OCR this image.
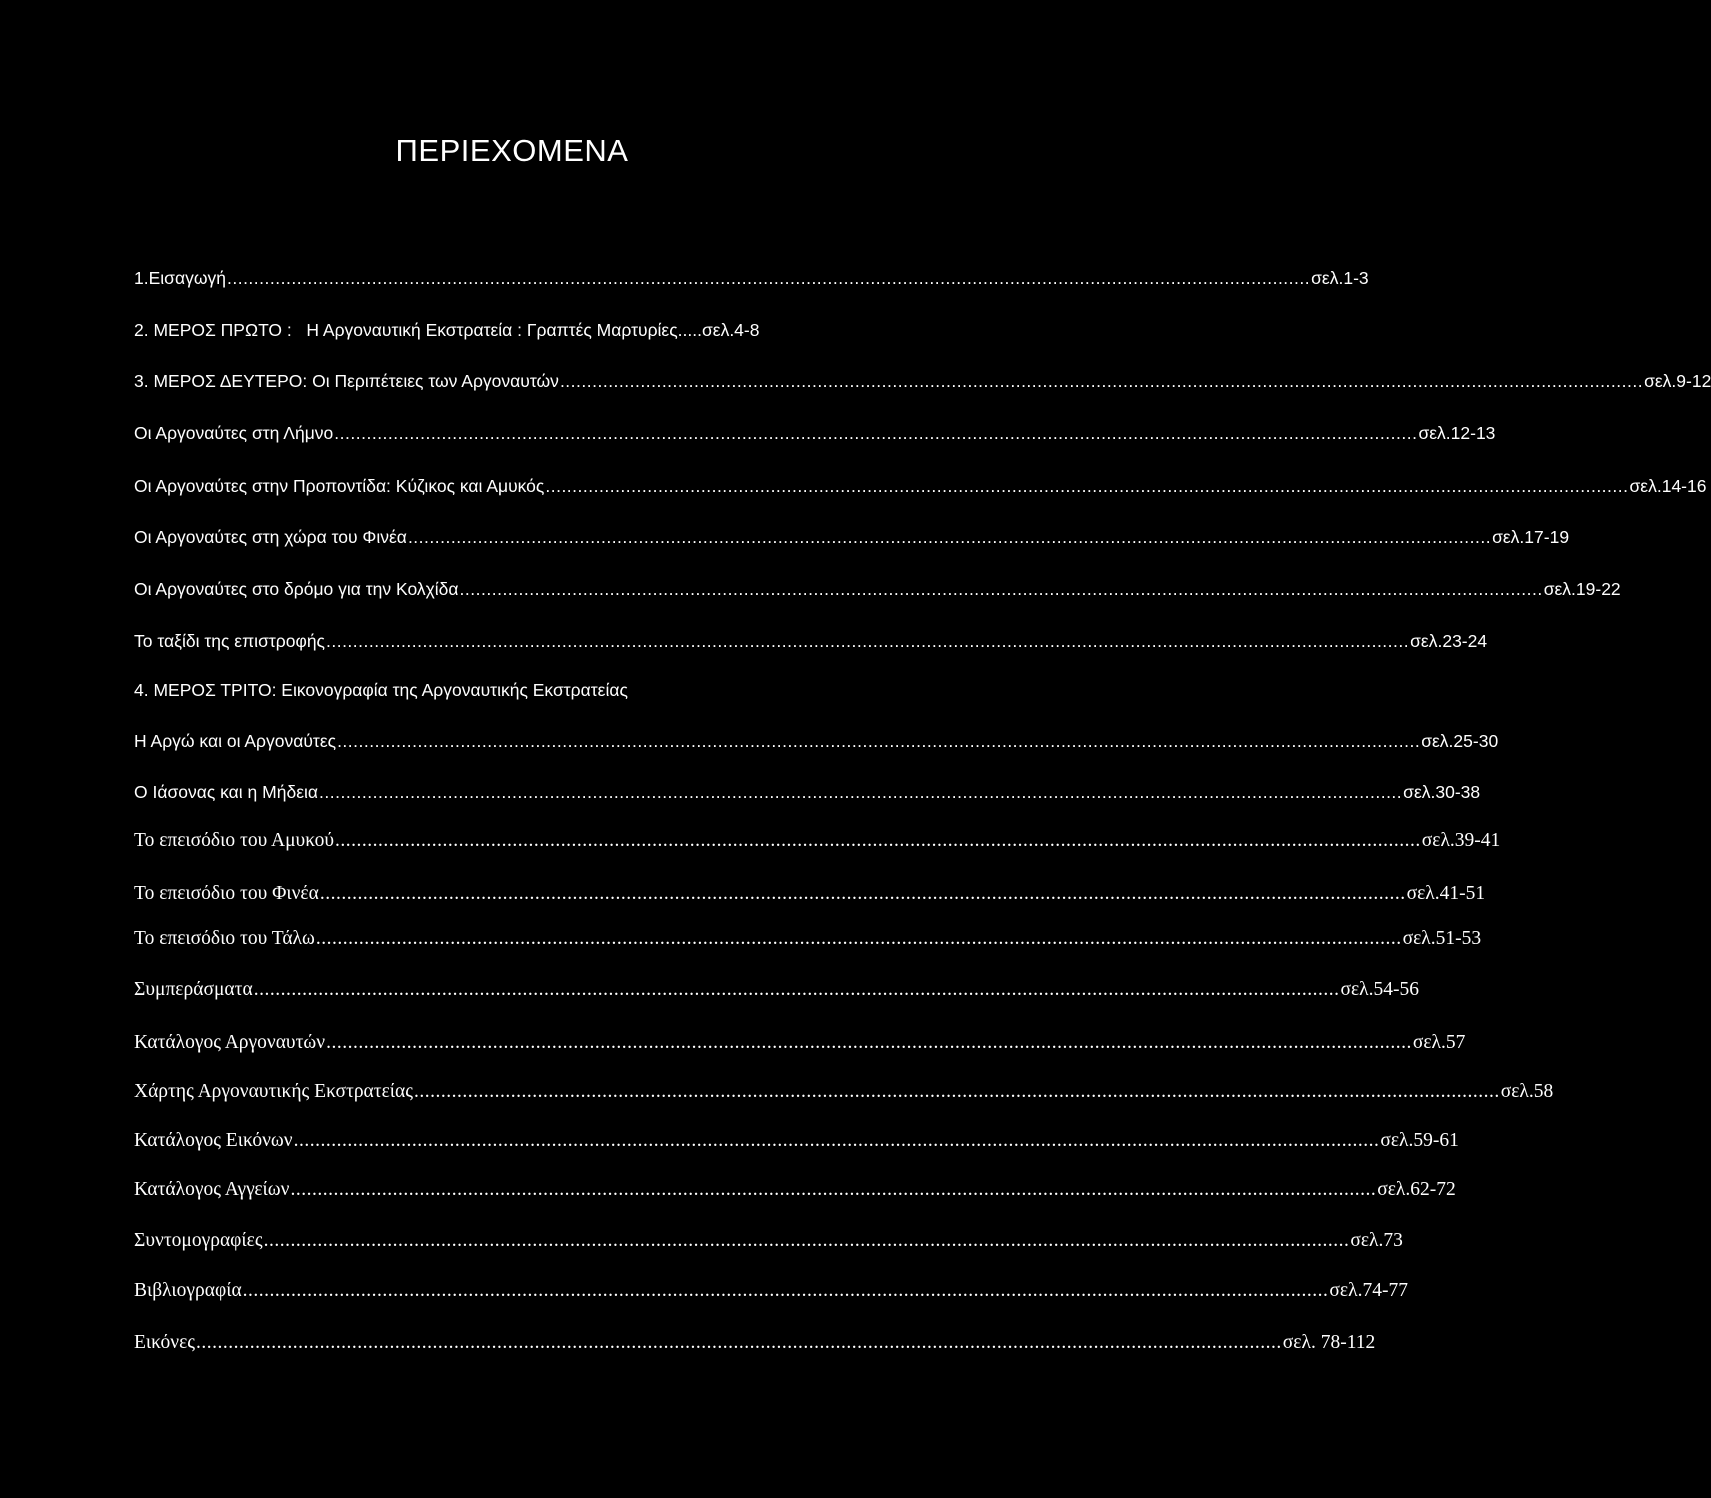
ΠΕΡΙΕΧΟΜΕΝΑ
1.Εισαγωγή .....	σελ.1-3
2. ΜΕΡΟΣ ΠΡΩΤΟ :   Η Αργοναυτική Εκστρατεία : Γραπτές Μαρτυρίες .....σελ.4-8
3. ΜΕΡΟΣ ΔΕΥΤΕΡΟ: Οι Περιπέτειες των Αργοναυτών .....	σελ.9-12
Οι Αργοναύτες στη Λήμνο .....	σελ.12-13
Οι Αργοναύτες στην Προποντίδα: Κύζικος και Αμυκός .....	σελ.14-16
Οι Αργοναύτες στη χώρα του Φινέα .....	σελ.17-19
Οι Αργοναύτες στο δρόμο για την Κολχίδα .....	σελ.19-22
Το ταξίδι της επιστροφής .....	σελ.23-24
4. ΜΕΡΟΣ ΤΡΙΤΟ: Εικονογραφία της Αργοναυτικής Εκστρατείας
Η Αργώ και οι Αργοναύτες .....	σελ.25-30
Ο Ιάσονας και η Μήδεια .....	σελ.30-38
Το επεισόδιο του Αμυκού .....	σελ.39-41
Το επεισόδιο του Φινέα .....	σελ.41-51
Το επεισόδιο του Τάλω .....	σελ.51-53
Συμπεράσματα .....	σελ.54-56
Κατάλογος Αργοναυτών .....	σελ.57
Χάρτης Αργοναυτικής Εκστρατείας .....	σελ.58
Κατάλογος Εικόνων .....	σελ.59-61
Κατάλογος Αγγείων .....	σελ.62-72
Συντομογραφίες .....	σελ.73
Βιβλιογραφία .....	σελ.74-77
Εικόνες .....	σελ. 78-112
